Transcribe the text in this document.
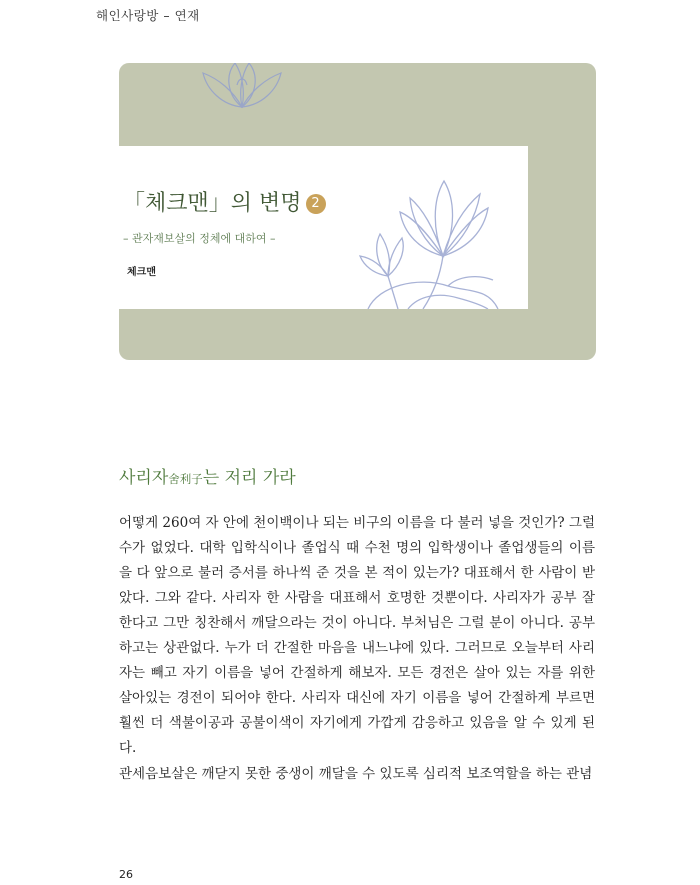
해인사랑방 – 연재
「체크맨」의 변명 2
– 관자재보살의 정체에 대하여 –
체크맨
사리자舍利子는 저리 가라

어떻게 260여 자 안에 천이백이나 되는 비구의 이름을 다 불러 넣을 것인가? 그럴 수가 없었다. 대학 입학식이나 졸업식 때 수천 명의 입학생이나 졸업생들의 이름을 다 앞으로 불러 증서를 하나씩 준 것을 본 적이 있는가? 대표해서 한 사람이 받았다. 그와 같다. 사리자 한 사람을 대표해서 호명한 것뿐이다. 사리자가 공부 잘한다고 그만 칭찬해서 깨달으라는 것이 아니다. 부처님은 그럴 분이 아니다. 공부하고는 상관없다. 누가 더 간절한 마음을 내느냐에 있다. 그러므로 오늘부터 사리자는 빼고 자기 이름을 넣어 간절하게 해보자. 모든 경전은 살아 있는 자를 위한 살아있는 경전이 되어야 한다. 사리자 대신에 자기 이름을 넣어 간절하게 부르면 훨씬 더 색불이공과 공불이색이 자기에게 가깝게 감응하고 있음을 알 수 있게 된다.

관세음보살은 깨닫지 못한 중생이 깨달을 수 있도록 심리적 보조역할을 하는 관념

26
